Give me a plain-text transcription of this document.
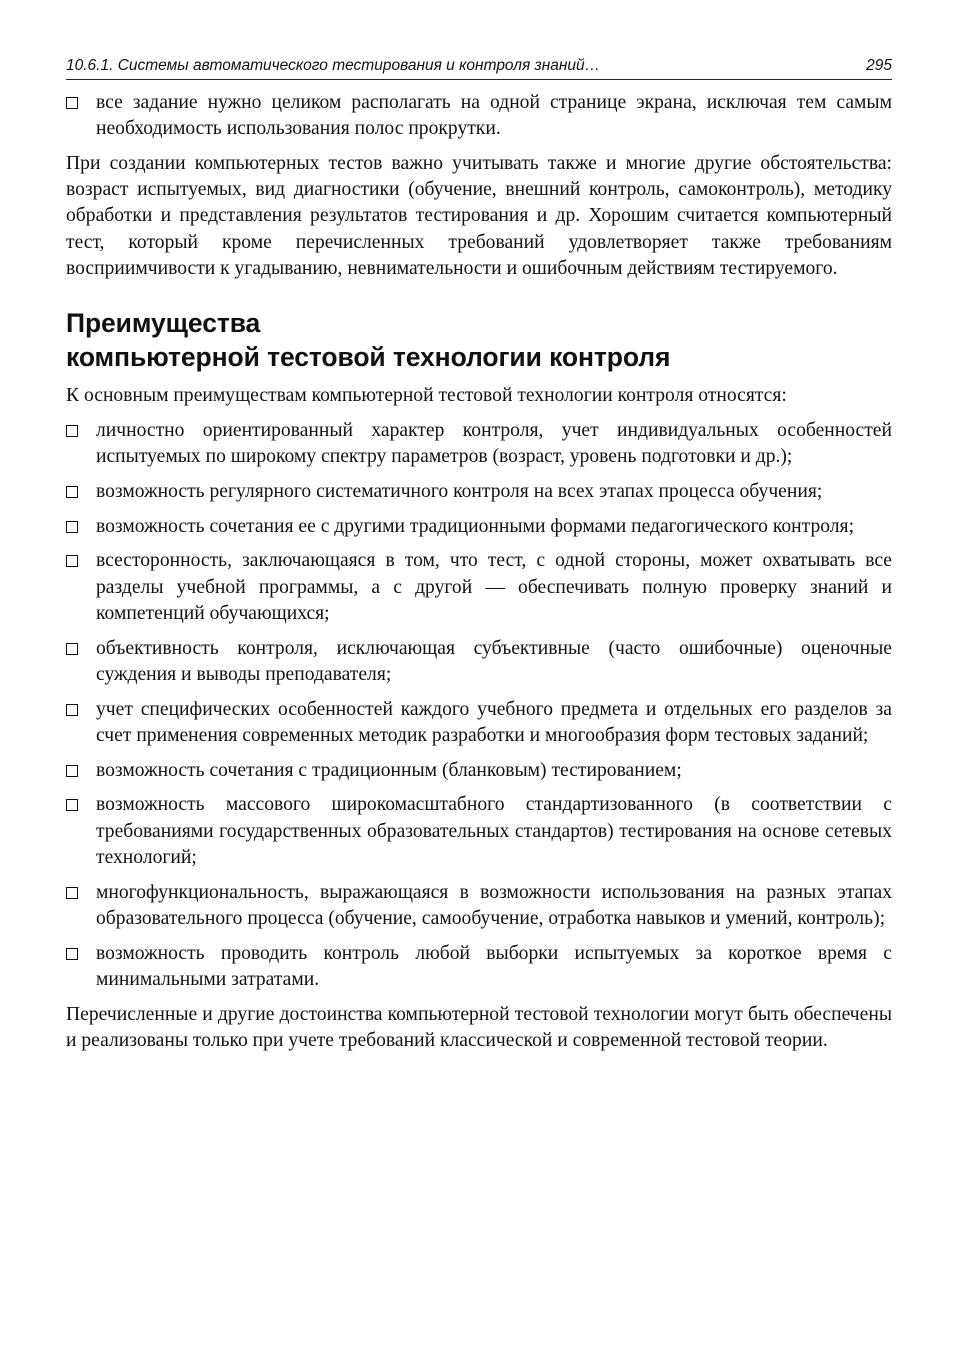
10.6.1. Системы автоматического тестирования и контроля знаний…	295
все задание нужно целиком располагать на одной странице экрана, исключая тем самым необходимость использования полос прокрутки.

При создании компьютерных тестов важно учитывать также и многие другие обстоятельства: возраст испытуемых, вид диагностики (обучение, внешний контроль, самоконтроль), методику обработки и представления результатов тестирования и др. Хорошим считается компьютерный тест, который кроме перечисленных требований удовлетворяет также требованиям восприимчивости к угадыванию, невнимательности и ошибочным действиям тестируемого.

Преимущества
компьютерной тестовой технологии контроля

К основным преимуществам компьютерной тестовой технологии контроля относятся:

личностно ориентированный характер контроля, учет индивидуальных особенностей испытуемых по широкому спектру параметров (возраст, уровень подготовки и др.);
возможность регулярного систематичного контроля на всех этапах процесса обучения;
возможность сочетания ее с другими традиционными формами педагогического контроля;
всесторонность, заключающаяся в том, что тест, с одной стороны, может охватывать все разделы учебной программы, а с другой — обеспечивать полную проверку знаний и компетенций обучающихся;
объективность контроля, исключающая субъективные (часто ошибочные) оценочные суждения и выводы преподавателя;
учет специфических особенностей каждого учебного предмета и отдельных его разделов за счет применения современных методик разработки и многообразия форм тестовых заданий;
возможность сочетания с традиционным (бланковым) тестированием;
возможность массового широкомасштабного стандартизованного (в соответствии с требованиями государственных образовательных стандартов) тестирования на основе сетевых технологий;
многофункциональность, выражающаяся в возможности использования на разных этапах образовательного процесса (обучение, самообучение, отработка навыков и умений, контроль);
возможность проводить контроль любой выборки испытуемых за короткое время с минимальными затратами.

Перечисленные и другие достоинства компьютерной тестовой технологии могут быть обеспечены и реализованы только при учете требований классической и современной тестовой теории.
